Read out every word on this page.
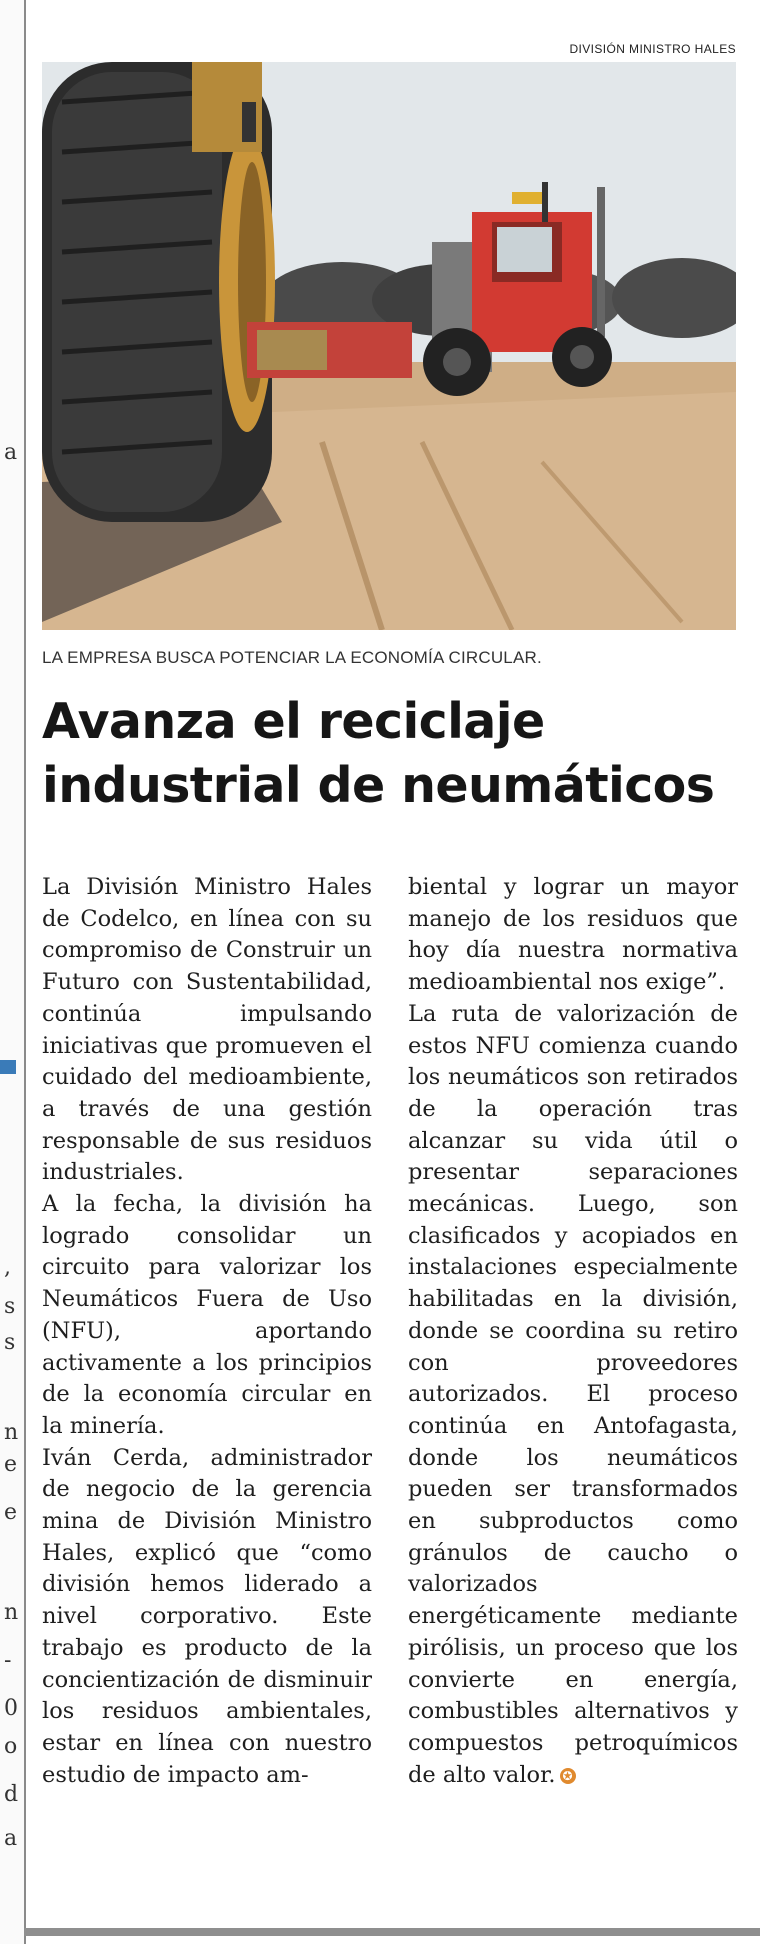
a
,
s
s
n
e
e
n
-
0
o
d
a
DIVISIÓN MINISTRO HALES
LA EMPRESA BUSCA POTENCIAR LA ECONOMÍA CIRCULAR.
Avanza el reciclaje
industrial de neumáticos

La División Ministro Hales de Codelco, en línea con su compromiso de Construir un Futuro con Sustentabilidad, continúa impulsando iniciativas que promueven el cuidado del medioambiente, a través de una gestión responsable de sus residuos industriales.

A la fecha, la división ha logrado consolidar un circuito para valorizar los Neumáticos Fuera de Uso (NFU), aportando activamente a los principios de la economía circular en la minería.

Iván Cerda, administrador de negocio de la gerencia mina de División Ministro Hales, explicó que “como división hemos liderado a nivel corporativo. Este trabajo es producto de la concientización de disminuir los residuos ambientales, estar en línea con nuestro estudio de impacto am-

biental y lograr un mayor manejo de los residuos que hoy día nuestra normativa medioambiental nos exige”.

La ruta de valorización de estos NFU comienza cuando los neumáticos son retirados de la operación tras alcanzar su vida útil o presentar separaciones mecánicas. Luego, son clasificados y acopiados en instalaciones especialmente habilitadas en la división, donde se coordina su retiro con proveedores autorizados. El proceso continúa en Antofagasta, donde los neumáticos pueden ser transformados en subproductos como gránulos de caucho o valorizados energéticamente mediante pirólisis, un proceso que los convierte en energía, combustibles alternativos y compuestos petroquímicos de alto valor. ✪
